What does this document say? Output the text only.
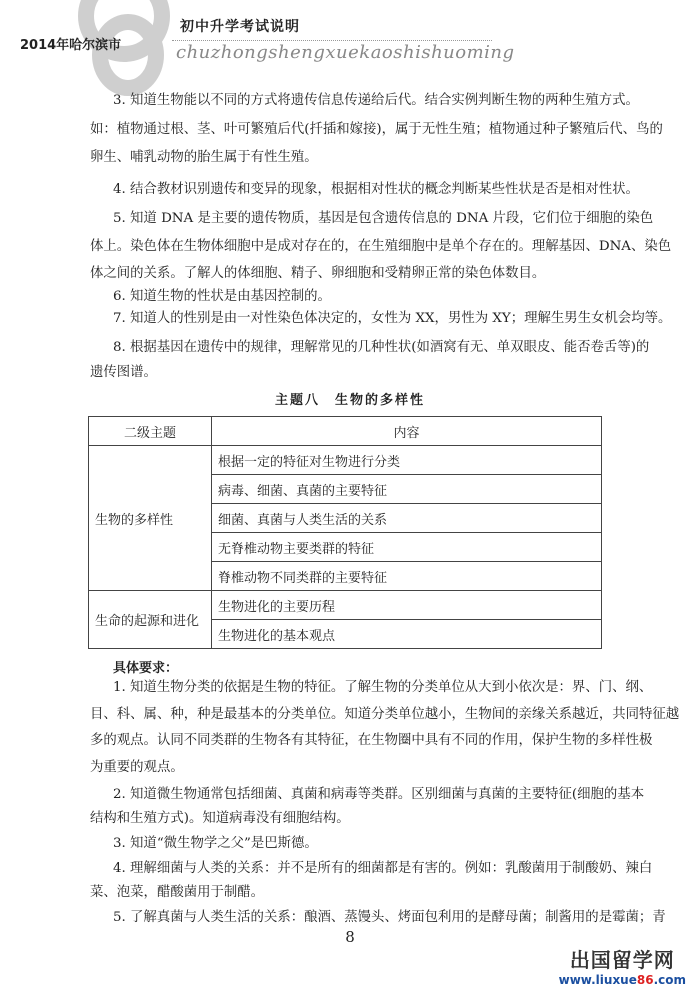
初中升学考试说明
2014年哈尔滨市	chuzhongshengxuekaoshishuoming
3. 知道生物能以不同的方式将遗传信息传递给后代。结合实例判断生物的两种生殖方式。
如：植物通过根、茎、叶可繁殖后代(扦插和嫁接)，属于无性生殖；植物通过种子繁殖后代、鸟的
卵生、哺乳动物的胎生属于有性生殖。
4. 结合教材识别遗传和变异的现象，根据相对性状的概念判断某些性状是否是相对性状。
5. 知道 DNA 是主要的遗传物质，基因是包含遗传信息的 DNA 片段，它们位于细胞的染色
体上。染色体在生物体细胞中是成对存在的，在生殖细胞中是单个存在的。理解基因、DNA、染色
体之间的关系。了解人的体细胞、精子、卵细胞和受精卵正常的染色体数目。
6. 知道生物的性状是由基因控制的。
7. 知道人的性别是由一对性染色体决定的，女性为 XX，男性为 XY；理解生男生女机会均等。
8. 根据基因在遗传中的规律，理解常见的几种性状(如酒窝有无、单双眼皮、能否卷舌等)的
遗传图谱。
主题八　生物的多样性
二级主题	内容
生物的多样性	根据一定的特征对生物进行分类
	病毒、细菌、真菌的主要特征
	细菌、真菌与人类生活的关系
	无脊椎动物主要类群的特征
	脊椎动物不同类群的主要特征
生命的起源和进化	生物进化的主要历程
	生物进化的基本观点
具体要求：
1. 知道生物分类的依据是生物的特征。了解生物的分类单位从大到小依次是：界、门、纲、
目、科、属、种，种是最基本的分类单位。知道分类单位越小，生物间的亲缘关系越近，共同特征越
多的观点。认同不同类群的生物各有其特征，在生物圈中具有不同的作用，保护生物的多样性极
为重要的观点。
2. 知道微生物通常包括细菌、真菌和病毒等类群。区别细菌与真菌的主要特征(细胞的基本
结构和生殖方式)。知道病毒没有细胞结构。
3. 知道“微生物学之父”是巴斯德。
4. 理解细菌与人类的关系：并不是所有的细菌都是有害的。例如：乳酸菌用于制酸奶、辣白
菜、泡菜，醋酸菌用于制醋。
5. 了解真菌与人类生活的关系：酿酒、蒸馒头、烤面包利用的是酵母菌；制酱用的是霉菌；青
8
出国留学网
www.liuxue86.com
